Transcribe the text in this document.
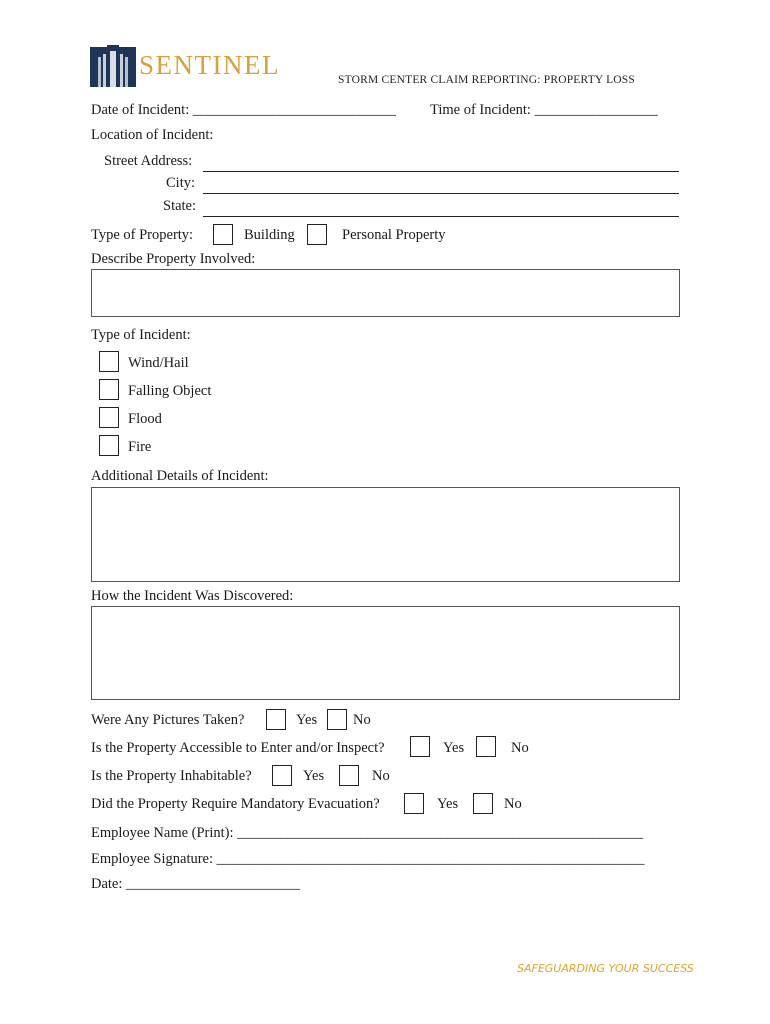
SENTINEL	STORM CENTER CLAIM REPORTING: PROPERTY LOSS
Date of Incident: ____________________________ Time of Incident: _________________
Location of Incident:
Street Address:
City:
State:
Type of Property:	Building	Personal Property
Describe Property Involved:
Type of Incident:
Wind/Hail
Falling Object
Flood
Fire
Additional Details of Incident:
How the Incident Was Discovered:
Were Any Pictures Taken?	Yes No
Is the Property Accessible to Enter and/or Inspect?	Yes	No
Is the Property Inhabitable?	Yes	No
Did the Property Require Mandatory Evacuation?	Yes	No
Employee Name (Print): ________________________________________________________
Employee Signature: ___________________________________________________________
Date: ________________________
SAFEGUARDING YOUR SUCCESS
